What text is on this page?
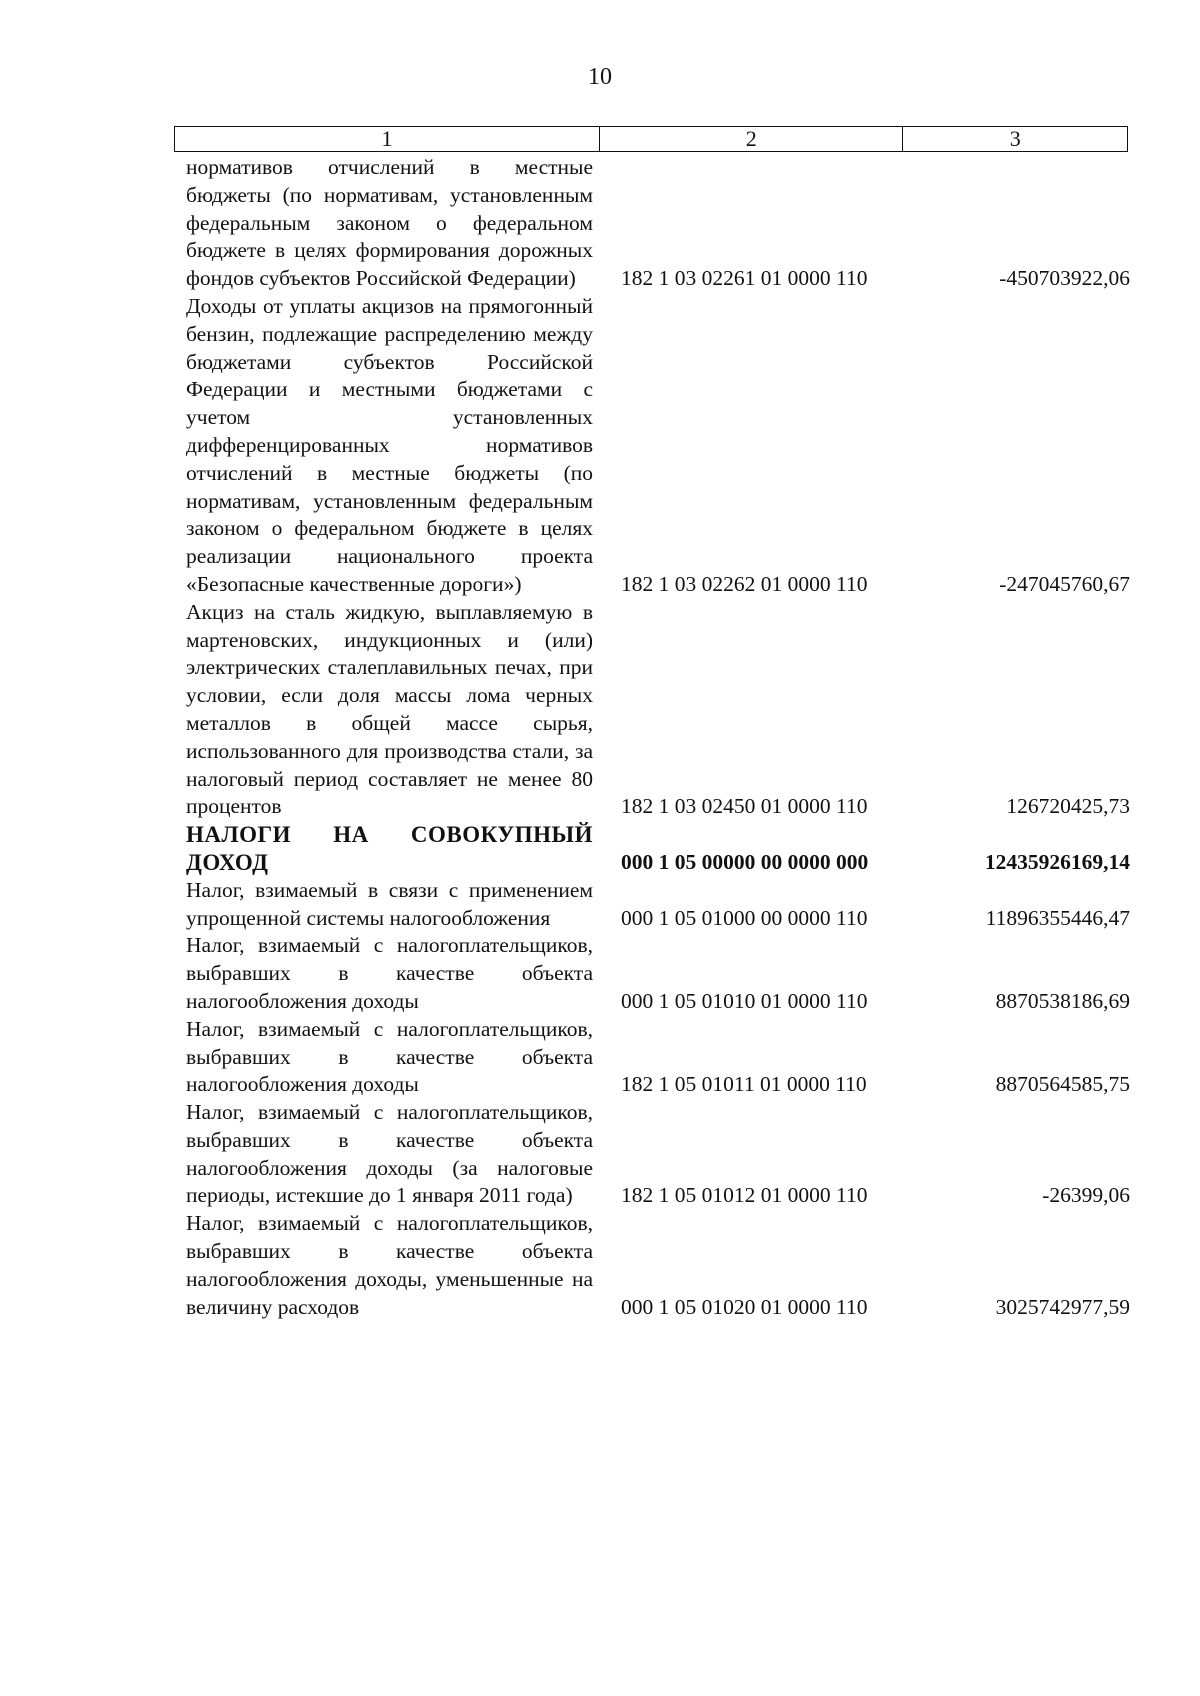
10
1	2	3
нормативов отчислений в местные бюджеты (по нормативам, установленным федеральным законом о федеральном бюджете в целях формирования дорожных фондов субъектов Российской Федерации)	182 1 03 02261 01 0000 110	-450703922,06
Доходы от уплаты акцизов на прямогонный бензин, подлежащие распределению между бюджетами субъектов Российской Федерации и местными бюджетами с учетом установленных дифференцированных нормативов отчислений в местные бюджеты (по нормативам, установленным федеральным законом о федеральном бюджете в целях реализации национального проекта «Безопасные качественные дороги»)	182 1 03 02262 01 0000 110	-247045760,67
Акциз на сталь жидкую, выплавляемую в мартеновских, индукционных и (или) электрических сталеплавильных печах, при условии, если доля массы лома черных металлов в общей массе сырья, использованного для производства стали, за налоговый период составляет не менее 80 процентов	182 1 03 02450 01 0000 110	126720425,73
НАЛОГИ НА СОВОКУПНЫЙ ДОХОД	000 1 05 00000 00 0000 000	12435926169,14
Налог, взимаемый в связи с применением упрощенной системы налогообложения	000 1 05 01000 00 0000 110	11896355446,47
Налог, взимаемый с налогоплательщиков, выбравших в качестве объекта налогообложения доходы	000 1 05 01010 01 0000 110	8870538186,69
Налог, взимаемый с налогоплательщиков, выбравших в качестве объекта налогообложения доходы	182 1 05 01011 01 0000 110	8870564585,75
Налог, взимаемый с налогоплательщиков, выбравших в качестве объекта налогообложения доходы (за налоговые периоды, истекшие до 1 января 2011 года)	182 1 05 01012 01 0000 110	-26399,06
Налог, взимаемый с налогоплательщиков, выбравших в качестве объекта налогообложения доходы, уменьшенные на величину расходов	000 1 05 01020 01 0000 110	3025742977,59
